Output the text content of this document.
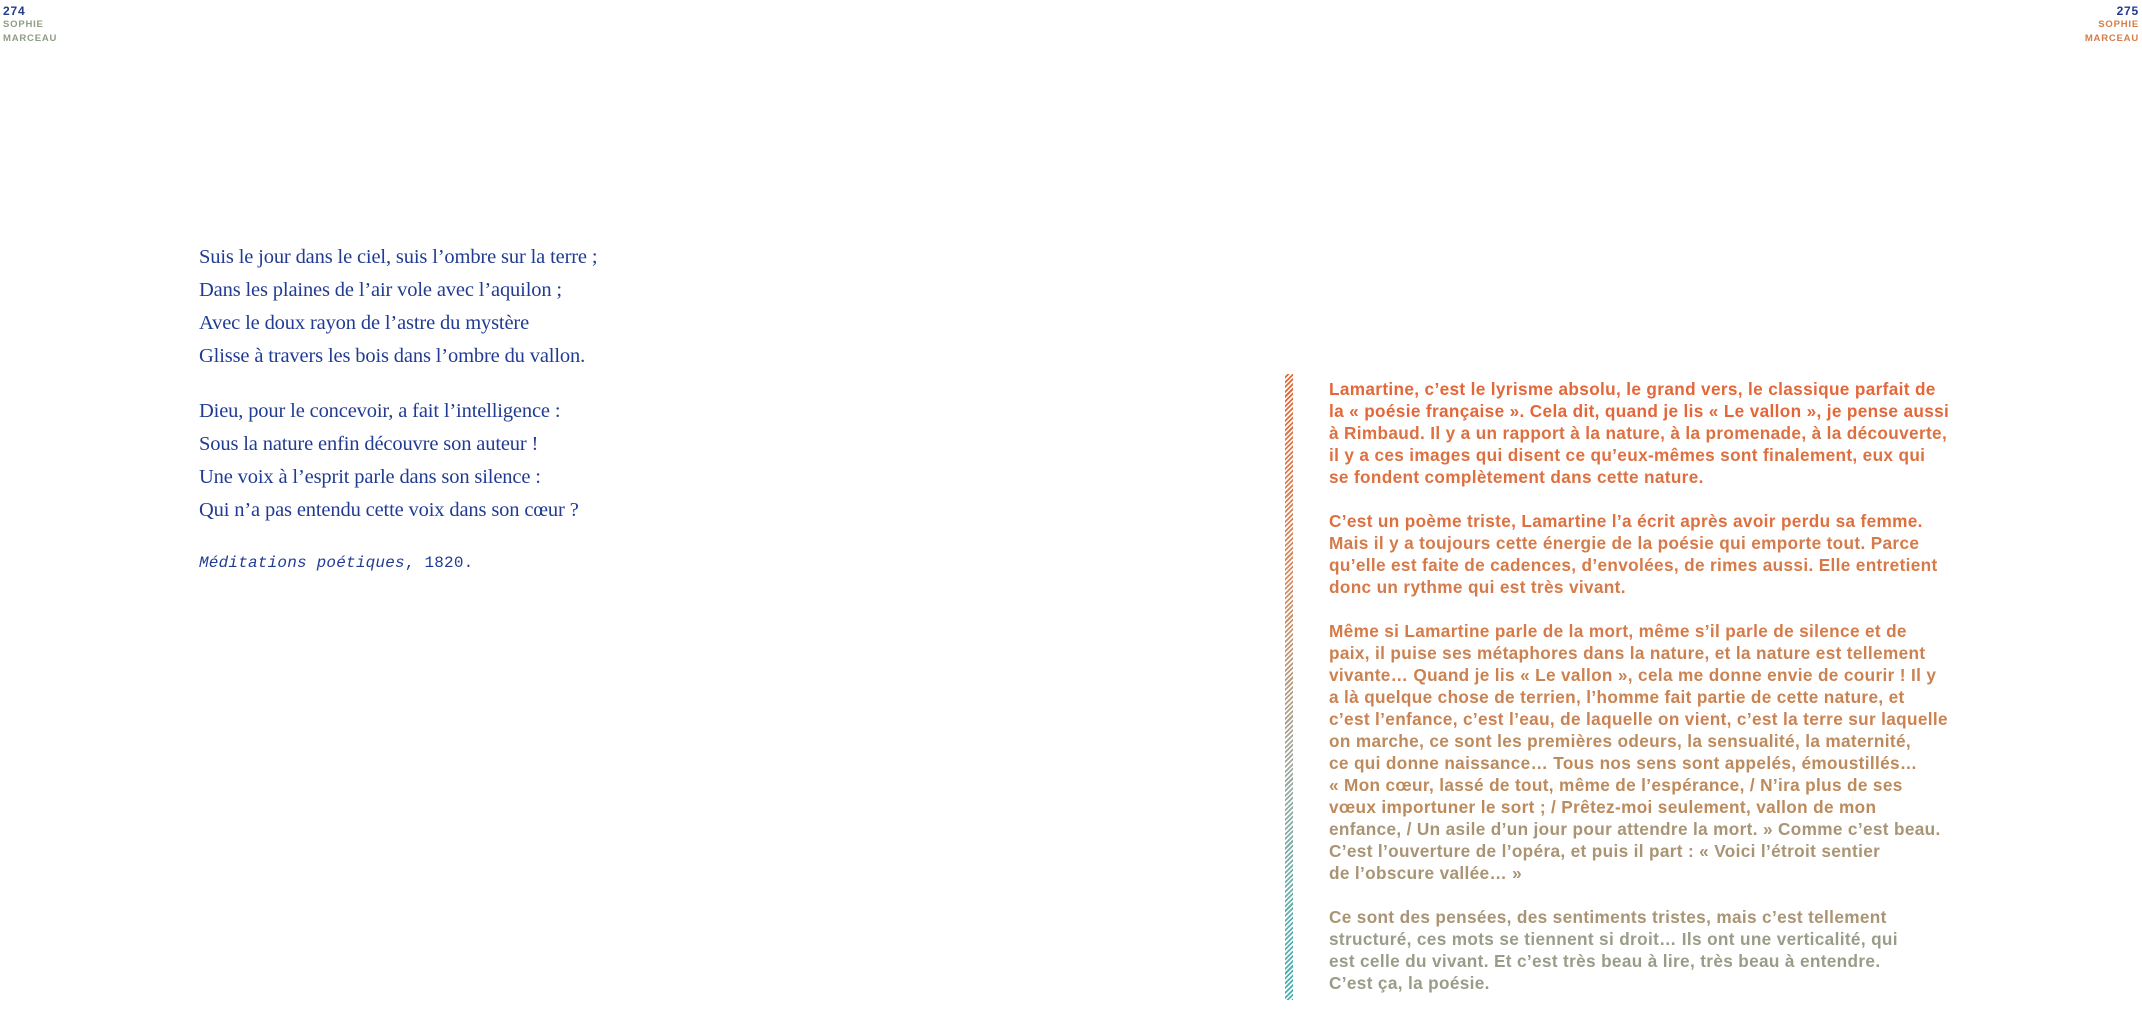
274
SOPHIE
MARCEAU
275
SOPHIE
MARCEAU
Suis le jour dans le ciel, suis l’ombre sur la terre ;
Dans les plaines de l’air vole avec l’aquilon ;
Avec le doux rayon de l’astre du mystère
Glisse à travers les bois dans l’ombre du vallon.
Dieu, pour le concevoir, a fait l’intelligence :
Sous la nature enfin découvre son auteur !
Une voix à l’esprit parle dans son silence :
Qui n’a pas entendu cette voix dans son cœur ?
Méditations poétiques, 1820.
Lamartine, c’est le lyrisme absolu, le grand vers, le classique parfait de
la « poésie française ». Cela dit, quand je lis « Le vallon », je pense aussi
à Rimbaud. Il y a un rapport à la nature, à la promenade, à la découverte,
il y a ces images qui disent ce qu’eux-mêmes sont finalement, eux qui
se fondent complètement dans cette nature.
C’est un poème triste, Lamartine l’a écrit après avoir perdu sa femme.
Mais il y a toujours cette énergie de la poésie qui emporte tout. Parce
qu’elle est faite de cadences, d’envolées, de rimes aussi. Elle entretient
donc un rythme qui est très vivant.
Même si Lamartine parle de la mort, même s’il parle de silence et de
paix, il puise ses métaphores dans la nature, et la nature est tellement
vivante… Quand je lis « Le vallon », cela me donne envie de courir ! Il y
a là quelque chose de terrien, l’homme fait partie de cette nature, et
c’est l’enfance, c’est l’eau, de laquelle on vient, c’est la terre sur laquelle
on marche, ce sont les premières odeurs, la sensualité, la maternité,
ce qui donne naissance… Tous nos sens sont appelés, émoustillés…
« Mon cœur, lassé de tout, même de l’espérance, / N’ira plus de ses
vœux importuner le sort ; / Prêtez-moi seulement, vallon de mon
enfance, / Un asile d’un jour pour attendre la mort. » Comme c’est beau.
C’est l’ouverture de l’opéra, et puis il part : « Voici l’étroit sentier
de l’obscure vallée… »
Ce sont des pensées, des sentiments tristes, mais c’est tellement
structuré, ces mots se tiennent si droit… Ils ont une verticalité, qui
est celle du vivant. Et c’est très beau à lire, très beau à entendre.
C’est ça, la poésie.
